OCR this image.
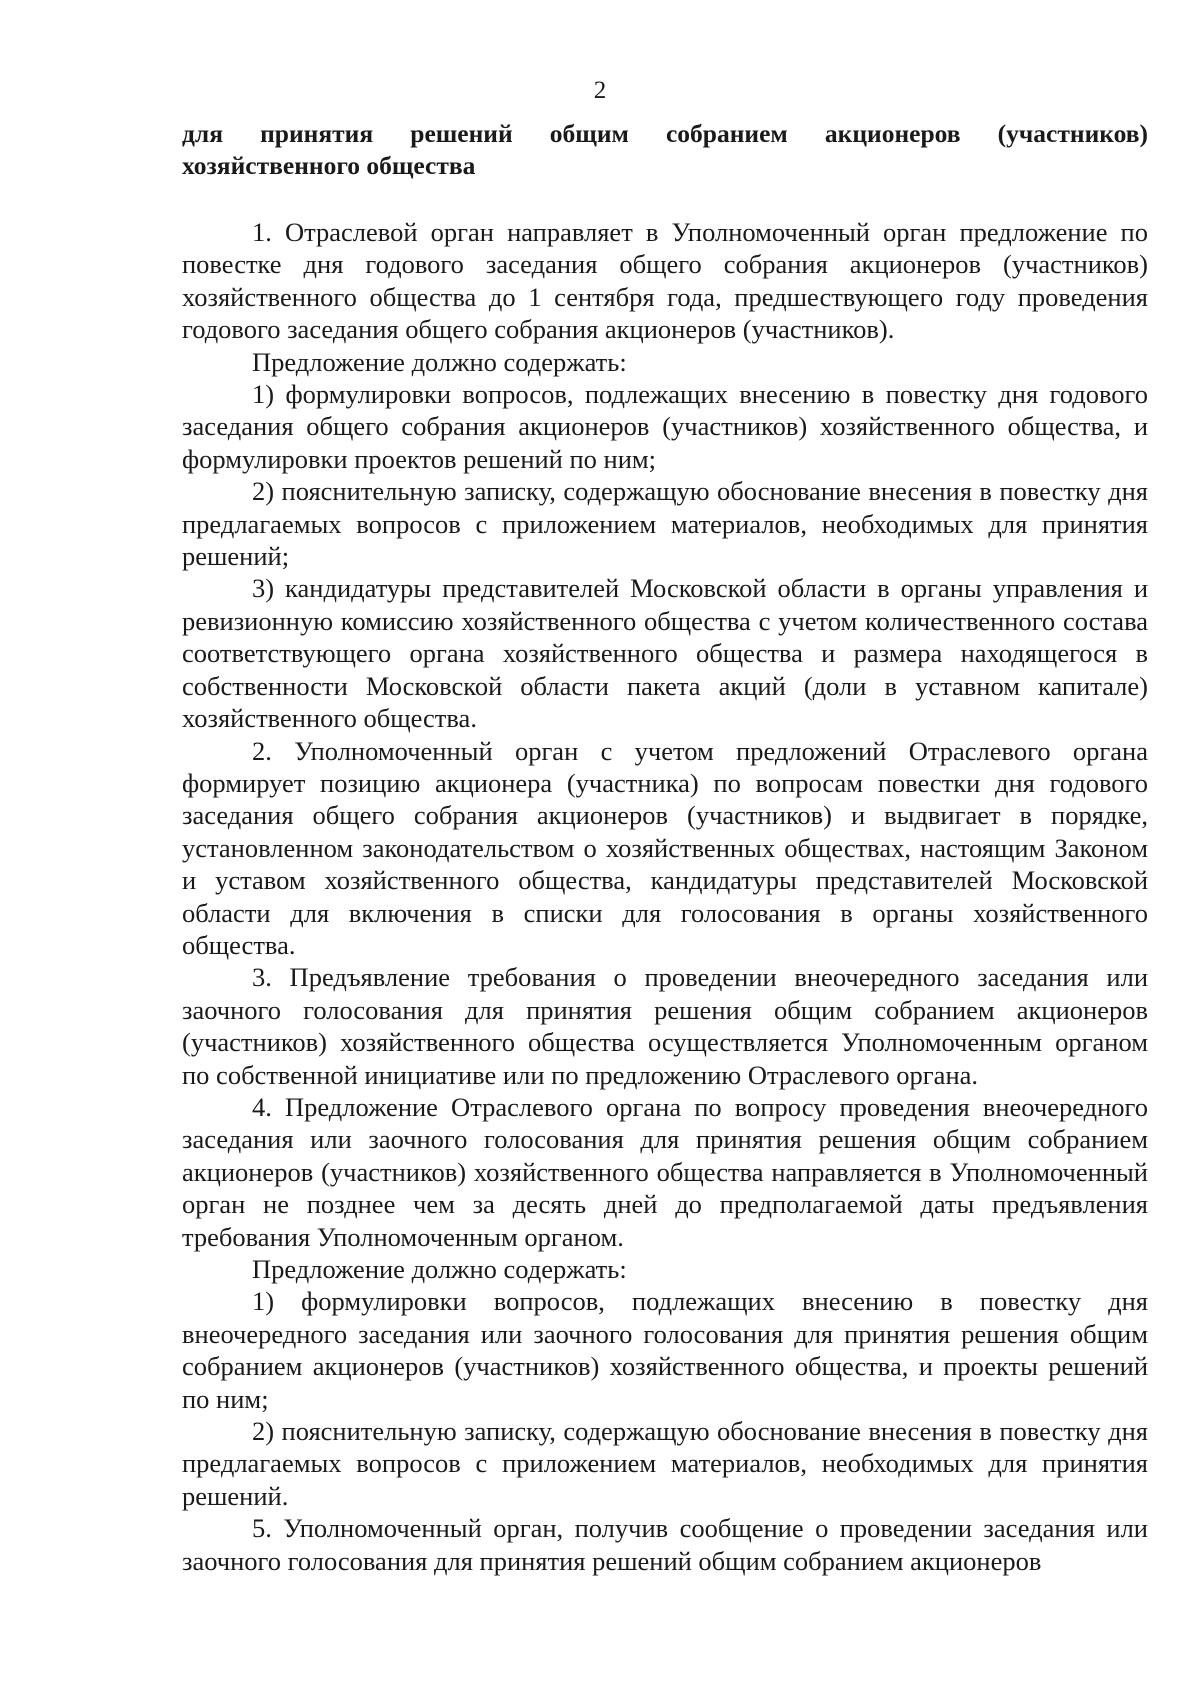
2

для принятия решений общим собранием акционеров (участников) хозяйственного общества

1. Отраслевой орган направляет в Уполномоченный орган предложение по повестке дня годового заседания общего собрания акционеров (участников) хозяйственного общества до 1 сентября года, предшествующего году проведения годового заседания общего собрания акционеров (участников).

Предложение должно содержать:

1) формулировки вопросов, подлежащих внесению в повестку дня годового заседания общего собрания акционеров (участников) хозяйственного общества, и формулировки проектов решений по ним;

2) пояснительную записку, содержащую обоснование внесения в повестку дня предлагаемых вопросов с приложением материалов, необходимых для принятия решений;

3) кандидатуры представителей Московской области в органы управления и ревизионную комиссию хозяйственного общества с учетом количественного состава соответствующего органа хозяйственного общества и размера находящегося в собственности Московской области пакета акций (доли в уставном капитале) хозяйственного общества.

2. Уполномоченный орган с учетом предложений Отраслевого органа формирует позицию акционера (участника) по вопросам повестки дня годового заседания общего собрания акционеров (участников) и выдвигает в порядке, установленном законодательством о хозяйственных обществах, настоящим Законом и уставом хозяйственного общества, кандидатуры представителей Московской области для включения в списки для голосования в органы хозяйственного общества.

3. Предъявление требования о проведении внеочередного заседания или заочного голосования для принятия решения общим собранием акционеров (участников) хозяйственного общества осуществляется Уполномоченным органом по собственной инициативе или по предложению Отраслевого органа.

4. Предложение Отраслевого органа по вопросу проведения внеочередного заседания или заочного голосования для принятия решения общим собранием акционеров (участников) хозяйственного общества направляется в Уполномоченный орган не позднее чем за десять дней до предполагаемой даты предъявления требования Уполномоченным органом.

Предложение должно содержать:

1) формулировки вопросов, подлежащих внесению в повестку дня внеочередного заседания или заочного голосования для принятия решения общим собранием акционеров (участников) хозяйственного общества, и проекты решений по ним;

2) пояснительную записку, содержащую обоснование внесения в повестку дня предлагаемых вопросов с приложением материалов, необходимых для принятия решений.

5. Уполномоченный орган, получив сообщение о проведении заседания или заочного голосования для принятия решений общим собранием акционеров
